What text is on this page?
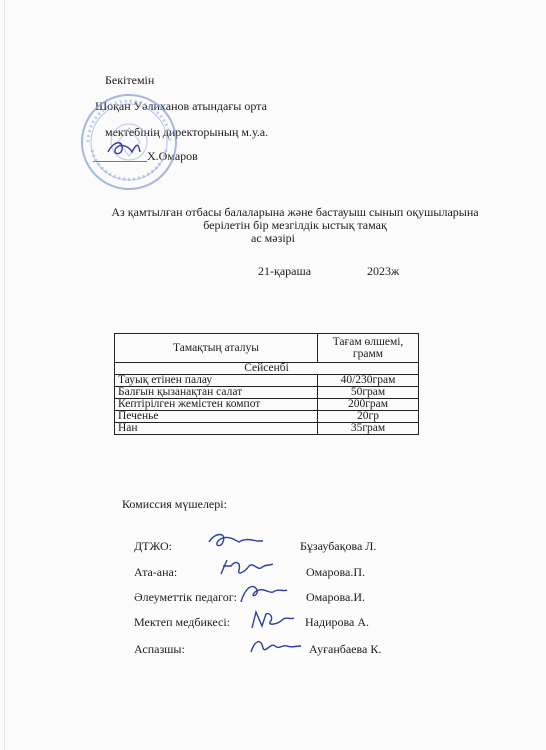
Бекітемін
Шоқан Уәлиханов атындағы орта
мектебінің директорының м.у.а.
_________Х.Омаров
Аз қамтылған отбасы балаларына және бастауыш сынып оқушыларына
берілетін бір мезгілдік ыстық тамақ
ас мәзірі
21-қараша	2023ж
Тамақтың аталуы	Тағам өлшемі, грамм
Сейсенбі	
Тауық етінен палау	40/230грам
Балғын қызанақтан салат	50грам
Кептірілген жемістен компот	200грам
Печенье	20гр
Нан	35грам
Комиссия мүшелері:
ДТЖО:	Бұзаубақова Л.
Ата-ана:	Омарова.П.
Әлеуметтік педагог:	Омарова.И.
Мектеп медбикесі:	Надирова А.
Аспазшы:	Ауғанбаева К.
